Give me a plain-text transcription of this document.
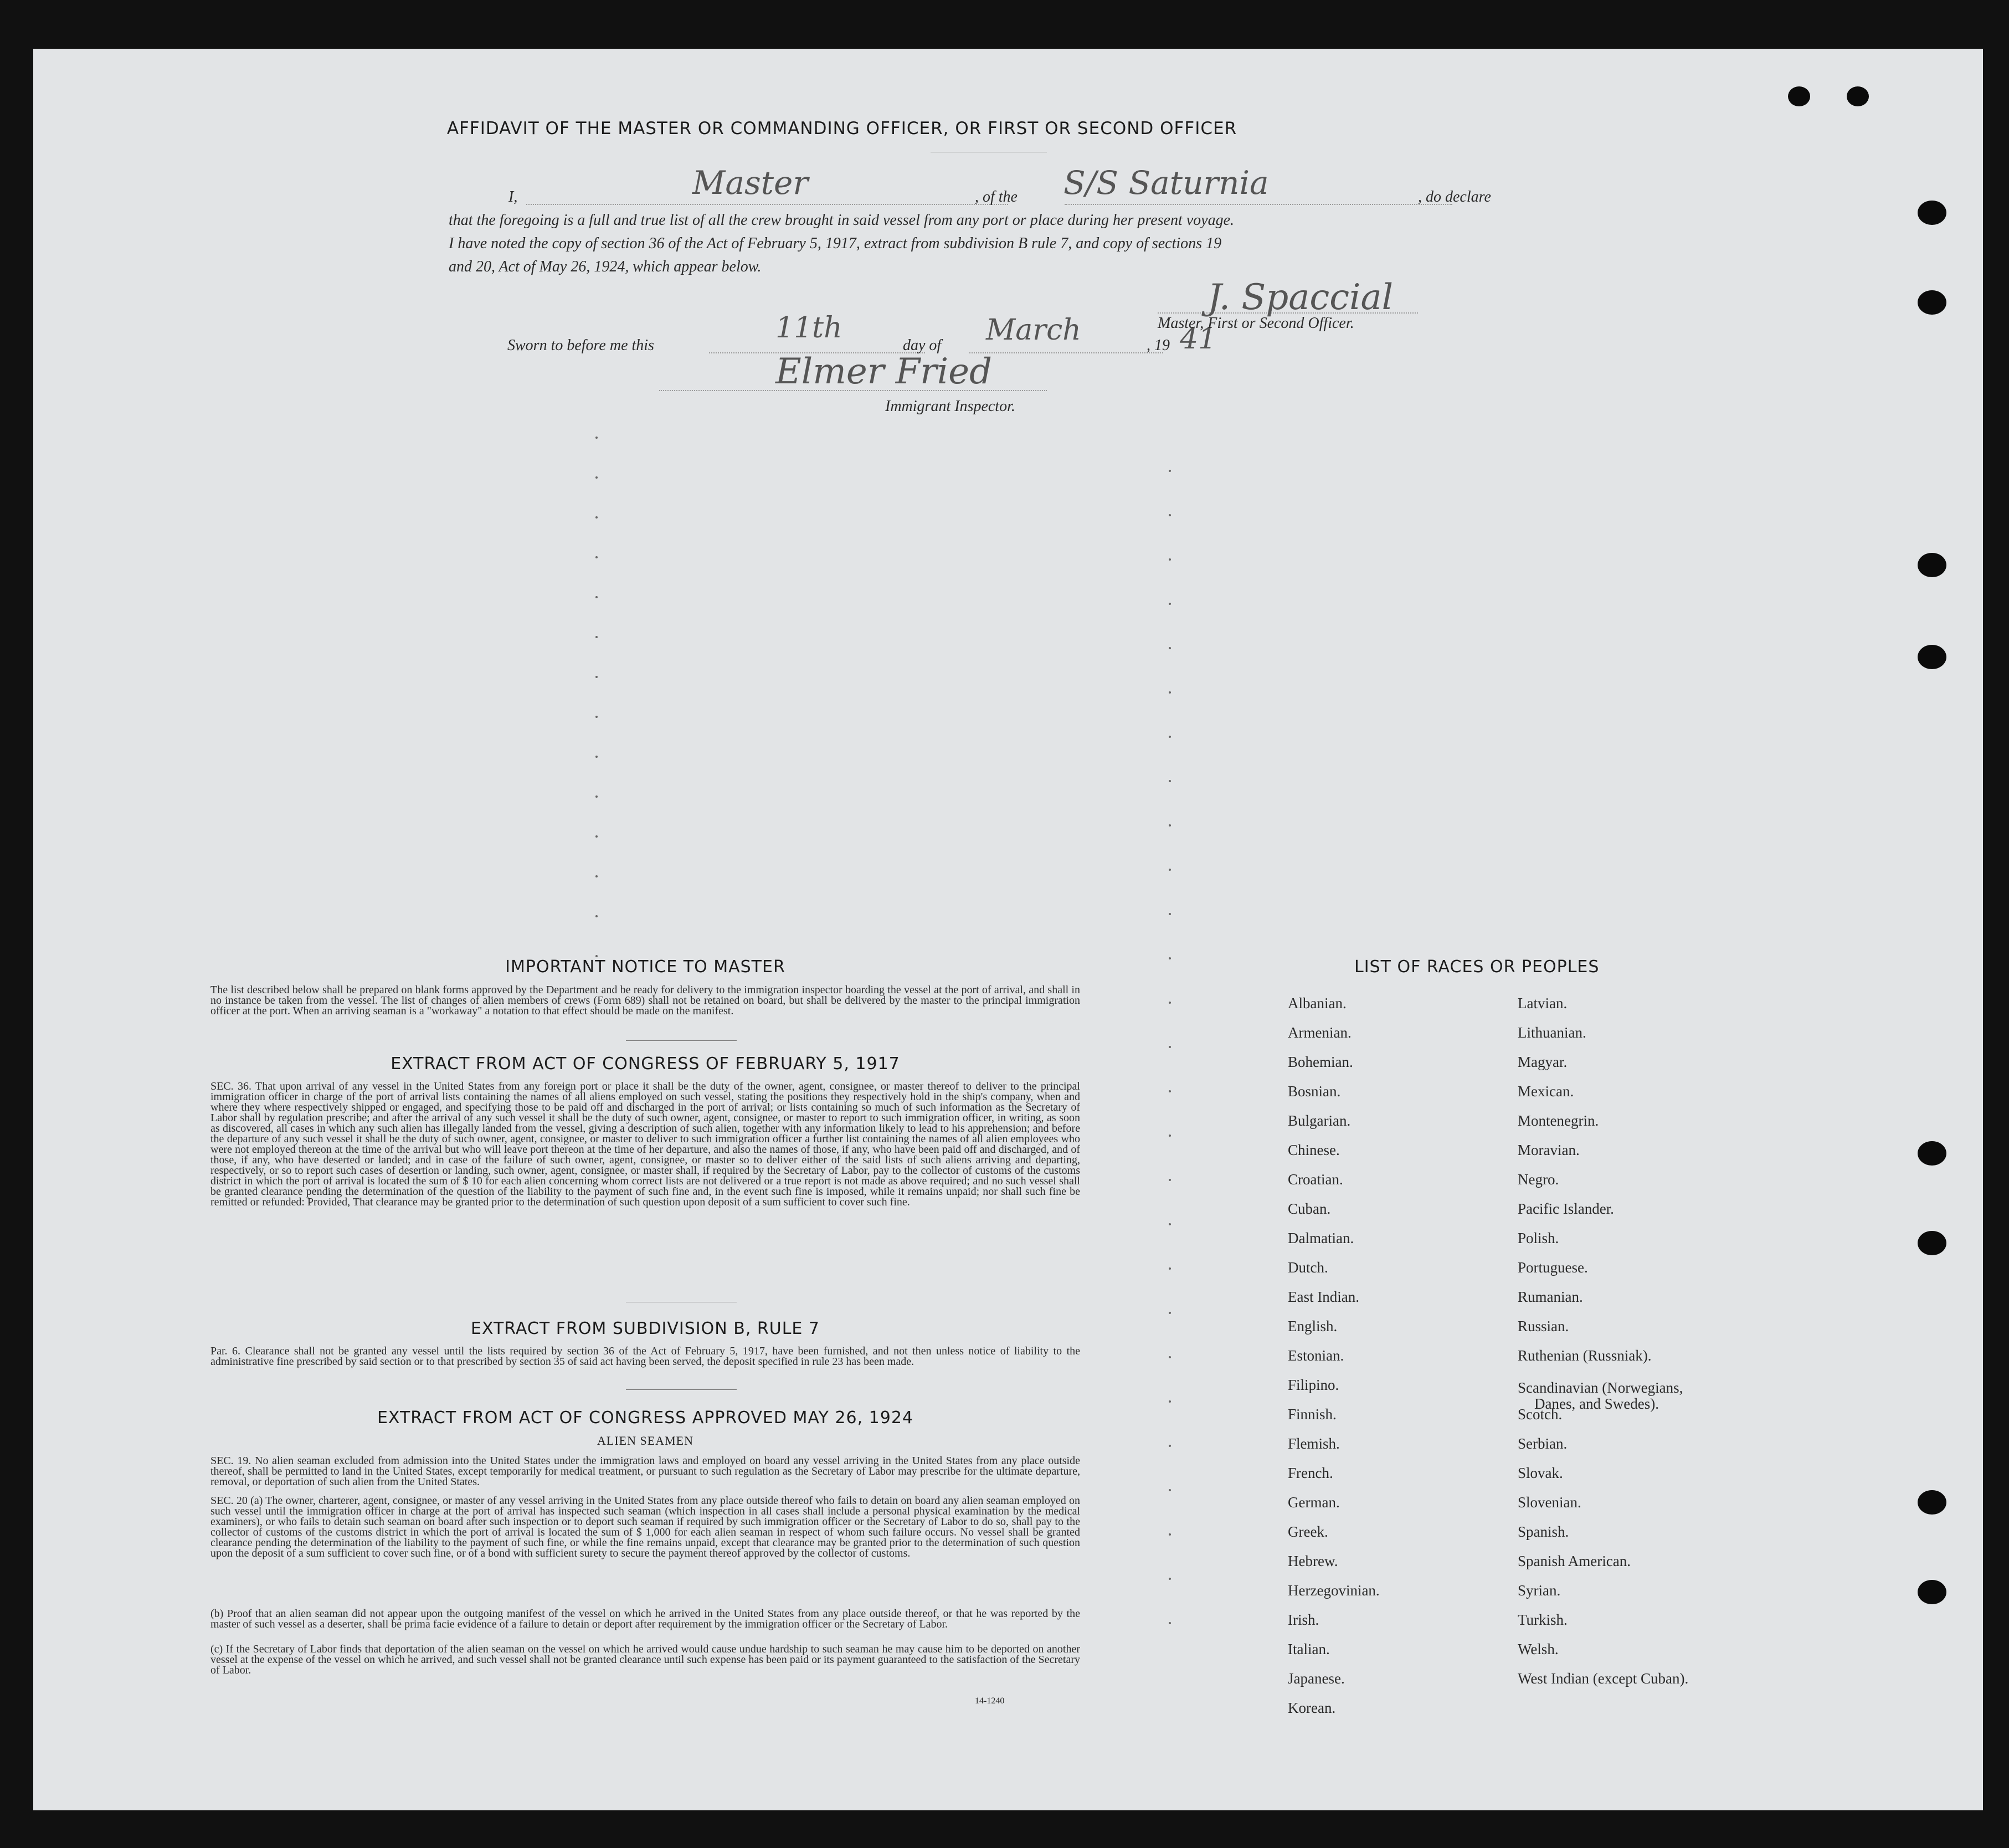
AFFIDAVIT OF THE MASTER OR COMMANDING OFFICER, OR FIRST OR SECOND OFFICER
I,	Master	, of the S/S Saturnia	, do declare
that the foregoing is a full and true list of all the crew brought in said vessel from any port or place during her present voyage.
I have noted the copy of section 36 of the Act of February 5, 1917, extract from subdivision B rule 7, and copy of sections 19
and 20, Act of May 26, 1924, which appear below.
Sworn to before me this
11th
day of March	, 19 41
J. Spaccial
Master, First or Second Officer.
Elmer Fried
Immigrant Inspector.
IMPORTANT NOTICE TO MASTER
The list described below shall be prepared on blank forms approved by the Department and be ready for delivery to the immigration inspector boarding the vessel at the port of arrival, and shall in no instance be taken from the vessel. The list of changes of alien members of crews (Form 689) shall not be retained on board, but shall be delivered by the master to the principal immigration officer at the port. When an arriving seaman is a "workaway" a notation to that effect should be made on the manifest.
EXTRACT FROM ACT OF CONGRESS OF FEBRUARY 5, 1917
SEC. 36. That upon arrival of any vessel in the United States from any foreign port or place it shall be the duty of the owner, agent, consignee, or master thereof to deliver to the principal immigration officer in charge of the port of arrival lists containing the names of all aliens employed on such vessel, stating the positions they respectively hold in the ship's company, when and where they where respectively shipped or engaged, and specifying those to be paid off and discharged in the port of arrival; or lists containing so much of such information as the Secretary of Labor shall by regulation prescribe; and after the arrival of any such vessel it shall be the duty of such owner, agent, consignee, or master to report to such immigration officer, in writing, as soon as discovered, all cases in which any such alien has illegally landed from the vessel, giving a description of such alien, together with any information likely to lead to his apprehension; and before the departure of any such vessel it shall be the duty of such owner, agent, consignee, or master to deliver to such immigration officer a further list containing the names of all alien employees who were not employed thereon at the time of the arrival but who will leave port thereon at the time of her departure, and also the names of those, if any, who have been paid off and discharged, and of those, if any, who have deserted or landed; and in case of the failure of such owner, agent, consignee, or master so to deliver either of the said lists of such aliens arriving and departing, respectively, or so to report such cases of desertion or landing, such owner, agent, consignee, or master shall, if required by the Secretary of Labor, pay to the collector of customs of the customs district in which the port of arrival is located the sum of $ 10 for each alien concerning whom correct lists are not delivered or a true report is not made as above required; and no such vessel shall be granted clearance pending the determination of the question of the liability to the payment of such fine and, in the event such fine is imposed, while it remains unpaid; nor shall such fine be remitted or refunded: Provided, That clearance may be granted prior to the determination of such question upon deposit of a sum sufficient to cover such fine.
EXTRACT FROM SUBDIVISION B, RULE 7
Par. 6. Clearance shall not be granted any vessel until the lists required by section 36 of the Act of February 5, 1917, have been furnished, and not then unless notice of liability to the administrative fine prescribed by said section or to that prescribed by section 35 of said act having been served, the deposit specified in rule 23 has been made.
EXTRACT FROM ACT OF CONGRESS APPROVED MAY 26, 1924
ALIEN SEAMEN
SEC. 19. No alien seaman excluded from admission into the United States under the immigration laws and employed on board any vessel arriving in the United States from any place outside thereof, shall be permitted to land in the United States, except temporarily for medical treatment, or pursuant to such regulation as the Secretary of Labor may prescribe for the ultimate departure, removal, or deportation of such alien from the United States.
SEC. 20 (a) The owner, charterer, agent, consignee, or master of any vessel arriving in the United States from any place outside thereof who fails to detain on board any alien seaman employed on such vessel until the immigration officer in charge at the port of arrival has inspected such seaman (which inspection in all cases shall include a personal physical examination by the medical examiners), or who fails to detain such seaman on board after such inspection or to deport such seaman if required by such immigration officer or the Secretary of Labor to do so, shall pay to the collector of customs of the customs district in which the port of arrival is located the sum of $ 1,000 for each alien seaman in respect of whom such failure occurs. No vessel shall be granted clearance pending the determination of the liability to the payment of such fine, or while the fine remains unpaid, except that clearance may be granted prior to the determination of such question upon the deposit of a sum sufficient to cover such fine, or of a bond with sufficient surety to secure the payment thereof approved by the collector of customs.
(b) Proof that an alien seaman did not appear upon the outgoing manifest of the vessel on which he arrived in the United States from any place outside thereof, or that he was reported by the master of such vessel as a deserter, shall be prima facie evidence of a failure to detain or deport after requirement by the immigration officer or the Secretary of Labor.
(c) If the Secretary of Labor finds that deportation of the alien seaman on the vessel on which he arrived would cause undue hardship to such seaman he may cause him to be deported on another vessel at the expense of the vessel on which he arrived, and such vessel shall not be granted clearance until such expense has been paid or its payment guaranteed to the satisfaction of the Secretary of Labor.
14-1240
LIST OF RACES OR PEOPLES
Albanian.
Armenian.
Bohemian.
Bosnian.
Bulgarian.
Chinese.
Croatian.
Cuban.
Dalmatian.
Dutch.
East Indian.
English.
Estonian.
Filipino.
Finnish.
Flemish.
French.
German.
Greek.
Hebrew.
Herzegovinian.
Irish.
Italian.
Japanese.
Korean.
Latvian.
Lithuanian.
Magyar.
Mexican.
Montenegrin.
Moravian.
Negro.
Pacific Islander.
Polish.
Portuguese.
Rumanian.
Russian.
Ruthenian (Russniak).
Scandinavian (Norwegians,
Danes, and Swedes).
Scotch.
Serbian.
Slovak.
Slovenian.
Spanish.
Spanish American.
Syrian.
Turkish.
Welsh.
West Indian (except Cuban).
